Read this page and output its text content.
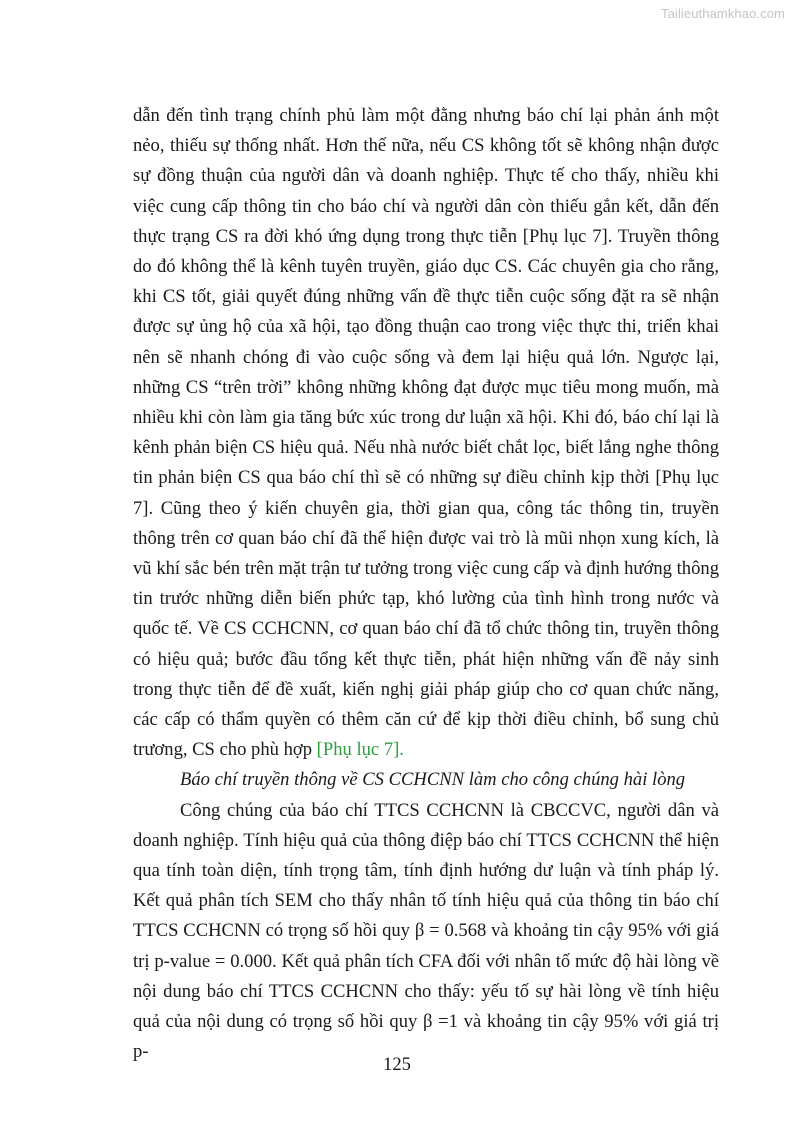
Tailieuthamkhao.com

dẫn đến tình trạng chính phủ làm một đằng nhưng báo chí lại phản ánh một nẻo, thiếu sự thống nhất. Hơn thế nữa, nếu CS không tốt sẽ không nhận được sự đồng thuận của người dân và doanh nghiệp. Thực tế cho thấy, nhiều khi việc cung cấp thông tin cho báo chí và người dân còn thiếu gắn kết, dẫn đến thực trạng CS ra đời khó ứng dụng trong thực tiễn [Phụ lục 7]. Truyền thông do đó không thể là kênh tuyên truyền, giáo dục CS. Các chuyên gia cho rằng, khi CS tốt, giải quyết đúng những vấn đề thực tiễn cuộc sống đặt ra sẽ nhận được sự ủng hộ của xã hội, tạo đồng thuận cao trong việc thực thi, triển khai nên sẽ nhanh chóng đi vào cuộc sống và đem lại hiệu quả lớn. Ngược lại, những CS “trên trời” không những không đạt được mục tiêu mong muốn, mà nhiều khi còn làm gia tăng bức xúc trong dư luận xã hội. Khi đó, báo chí lại là kênh phản biện CS hiệu quả. Nếu nhà nước biết chắt lọc, biết lắng nghe thông tin phản biện CS qua báo chí thì sẽ có những sự điều chỉnh kịp thời [Phụ lục 7]. Cũng theo ý kiến chuyên gia, thời gian qua, công tác thông tin, truyền thông trên cơ quan báo chí đã thể hiện được vai trò là mũi nhọn xung kích, là vũ khí sắc bén trên mặt trận tư tưởng trong việc cung cấp và định hướng thông tin trước những diễn biến phức tạp, khó lường của tình hình trong nước và quốc tế. Về CS CCHCNN, cơ quan báo chí đã tổ chức thông tin, truyền thông có hiệu quả; bước đầu tổng kết thực tiễn, phát hiện những vấn đề nảy sinh trong thực tiễn để đề xuất, kiến nghị giải pháp giúp cho cơ quan chức năng, các cấp có thẩm quyền có thêm căn cứ để kịp thời điều chỉnh, bổ sung chủ trương, CS cho phù hợp [Phụ lục 7].

Báo chí truyền thông về CS CCHCNN làm cho công chúng hài lòng

Công chúng của báo chí TTCS CCHCNN là CBCCVC, người dân và doanh nghiệp. Tính hiệu quả của thông điệp báo chí TTCS CCHCNN thể hiện qua tính toàn diện, tính trọng tâm, tính định hướng dư luận và tính pháp lý. Kết quả phân tích SEM cho thấy nhân tố tính hiệu quả của thông tin báo chí TTCS CCHCNN có trọng số hồi quy β = 0.568 và khoảng tin cậy 95% với giá trị p-value = 0.000. Kết quả phân tích CFA đối với nhân tố mức độ hài lòng về nội dung báo chí TTCS CCHCNN cho thấy: yếu tố sự hài lòng về tính hiệu quả của nội dung có trọng số hồi quy β =1 và khoảng tin cậy 95% với giá trị p-

125
